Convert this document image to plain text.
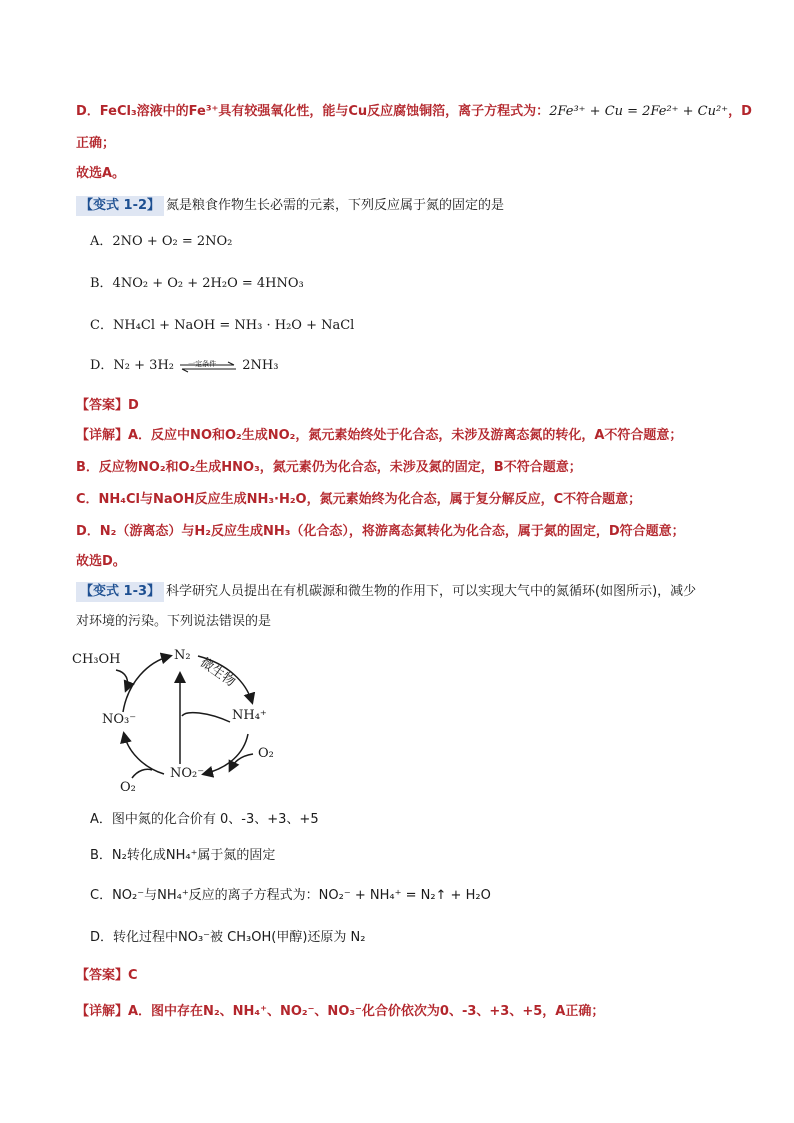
D．FeCl₃溶液中的Fe³⁺具有较强氧化性，能与Cu反应腐蚀铜箔，离子方程式为：2Fe³⁺ + Cu = 2Fe²⁺ + Cu²⁺，D
正确；
故选A。
【变式 1-2】 氮是粮食作物生长必需的元素，下列反应属于氮的固定的是
A．2NO + O₂ = 2NO₂
B．4NO₂ + O₂ + 2H₂O = 4HNO₃
C．NH₄Cl + NaOH = NH₃ · H₂O + NaCl
D．N₂ + 3H₂ 一定条件 2NH₃
【答案】D
【详解】A．反应中NO和O₂生成NO₂，氮元素始终处于化合态，未涉及游离态氮的转化，A不符合题意；
B．反应物NO₂和O₂生成HNO₃，氮元素仍为化合态，未涉及氮的固定，B不符合题意；
C．NH₄Cl与NaOH反应生成NH₃·H₂O，氮元素始终为化合态，属于复分解反应，C不符合题意；
D．N₂（游离态）与H₂反应生成NH₃（化合态），将游离态氮转化为化合态，属于氮的固定，D符合题意；
故选D。
【变式 1-3】 科学研究人员提出在有机碳源和微生物的作用下，可以实现大气中的氮循环(如图所示)，减少
对环境的污染。下列说法错误的是
CH₃OH	N₂ 微生物
NH₄⁺
NO₃⁻
O₂
NO₂⁻
O₂
A．图中氮的化合价有 0、-3、+3、+5
B．N₂转化成NH₄⁺属于氮的固定
C．NO₂⁻与NH₄⁺反应的离子方程式为：NO₂⁻ + NH₄⁺ = N₂↑ + H₂O
D．转化过程中NO₃⁻被 CH₃OH(甲醇)还原为 N₂
【答案】C
【详解】A．图中存在N₂、NH₄⁺、NO₂⁻、NO₃⁻化合价依次为0、-3、+3、+5，A正确；
